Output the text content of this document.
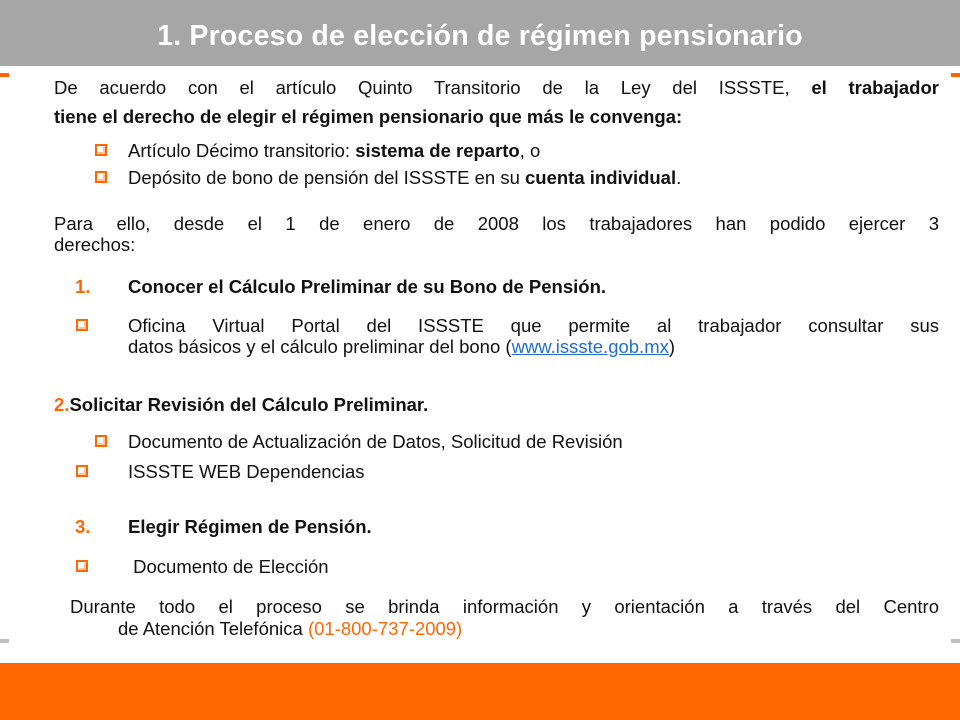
1. Proceso de elección de régimen pensionario
De acuerdo con el artículo Quinto Transitorio de la Ley del ISSSTE, el trabajador
tiene el derecho de elegir el régimen pensionario que más le convenga:
Artículo Décimo transitorio: sistema de reparto, o
Depósito de bono de pensión del ISSSTE en su cuenta individual.
Para ello, desde el 1 de enero de 2008 los trabajadores han podido ejercer 3
derechos:
1. Conocer el Cálculo Preliminar de su Bono de Pensión.
Oficina Virtual Portal del ISSSTE que permite al trabajador consultar sus
datos básicos y el cálculo preliminar del bono (www.issste.gob.mx)
2.Solicitar Revisión del Cálculo Preliminar.
Documento de Actualización de Datos, Solicitud de Revisión
ISSSTE WEB Dependencias
3. Elegir Régimen de Pensión.
Documento de Elección
Durante todo el proceso se brinda información y orientación a través del Centro
de Atención Telefónica (01-800-737-2009)
